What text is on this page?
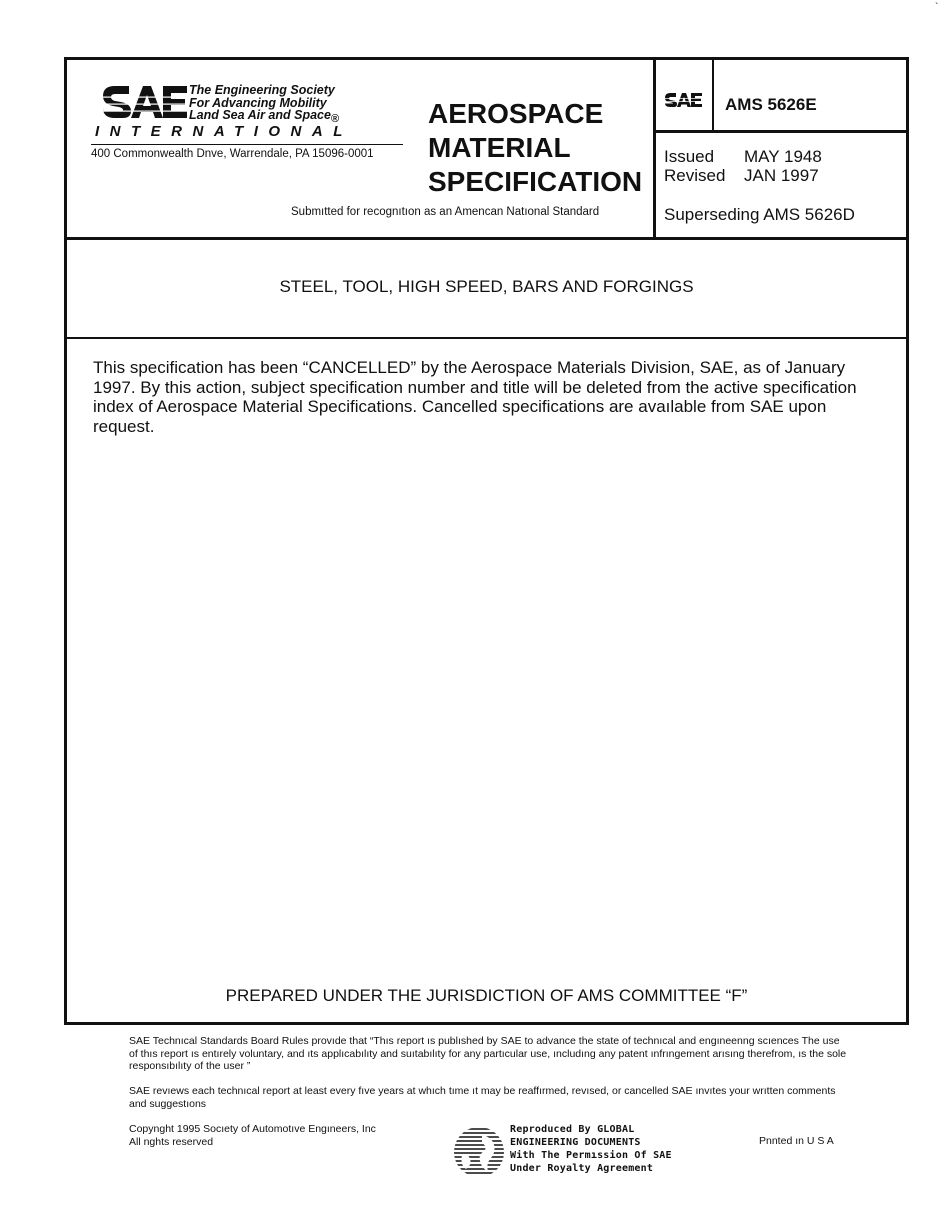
`
The Engineering Society
For Advancing Mobility
Land Sea Air and Space®
INTERNATIONAL
400 Commonwealth Dnve, Warrendale, PA 15096-0001
AEROSPACE
MATERIAL
SPECIFICATION
Submıtted for recognıtıon as an Amencan Natıonal Standard
AMS 5626E
Issued MAY 1948
Revised JAN 1997
Superseding AMS 5626D
STEEL, TOOL, HIGH SPEED, BARS AND FORGINGS
This specification has been “CANCELLED” by the Aerospace Materials Division, SAE, as of January 1997. By this action, subject specification number and title will be deleted from the active specification index of Aerospace Material Specifications. Cancelled specifications are avaılable from SAE upon request.
PREPARED UNDER THE JURISDICTION OF AMS COMMITTEE “F”
SAE Technıcal Standards Board Rules provıde that “Thıs report ıs publıshed by SAE to advance the state of technıcal and engıneenng scıences The use of thıs report ıs entırely voluntary, and ıts applıcabılıty and suıtabılıty for any partıcular use, ıncludıng any patent ınfrıngement arısıng therefrom, ıs the sole responsıbılıty of the user ”
SAE revıews each technıcal report at least every fıve years at whıch tıme ıt may be reaffırmed, revısed, or cancelled SAE ınvıtes your wrıtten comments and suggestıons
Copynght 1995 Socıety of Automotıve Engıneers, Inc
All nghts reserved
Reproduced By GLOBAL
ENGINEERING DOCUMENTS
With The Permıssion Of SAE
Under Royalty Agreement
Pnnted ın U S A
